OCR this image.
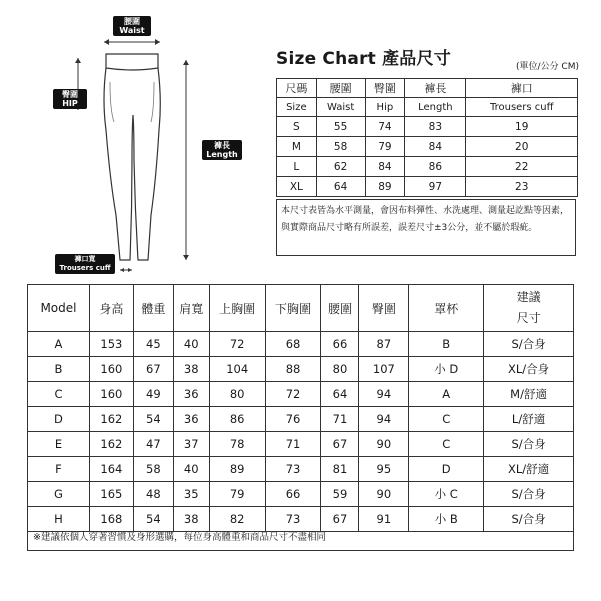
腰圍
Waist
臀圍
HIP
褲長
Length
褲口寬
Trousers cuff
Size Chart 產品尺寸	(單位/公分 CM)
尺碼	腰圍	臀圍	褲長	褲口
Size	Waist	Hip	Length	Trousers cuff
S	55	74	83	19
M	58	79	84	20
L	62	84	86	22
XL	64	89	97	23
本尺寸表皆為水平測量，會因布料彈性、水洗處理、測量起訖點等因素，與實際商品尺寸略有所誤差，誤差尺寸±3公分，並不屬於瑕疵。
Model	身高	體重	肩寬	上胸圍	下胸圍	腰圍	臀圍	罩杯	建議
尺寸
A	153	45	40	72	68	66	87	B	S/合身
B	160	67	38	104	88	80	107	小 D	XL/合身
C	160	49	36	80	72	64	94	A	M/舒適
D	162	54	36	86	76	71	94	C	L/舒適
E	162	47	37	78	71	67	90	C	S/合身
F	164	58	40	89	73	81	95	D	XL/舒適
G	165	48	35	79	66	59	90	小 C	S/合身
H	168	54	38	82	73	67	91	小 B	S/合身
※建議依個人穿著習慣及身形選購，每位身高體重和商品尺寸不盡相同
